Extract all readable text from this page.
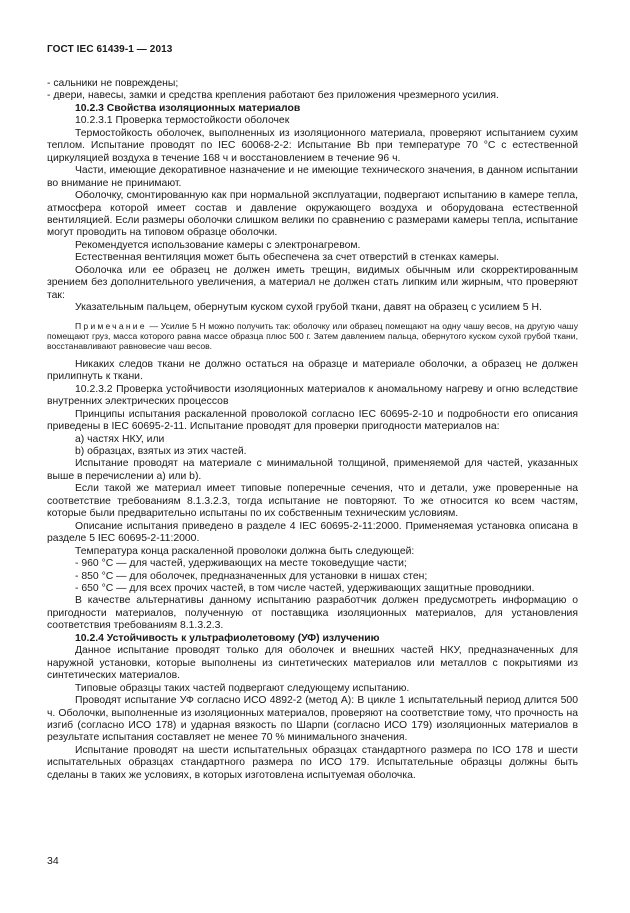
ГОСТ IEC 61439-1 — 2013

- сальники не повреждены;

- двери, навесы, замки и средства крепления работают без приложения чрезмерного усилия.

10.2.3 Свойства изоляционных материалов

10.2.3.1 Проверка термостойкости оболочек

Термостойкость оболочек, выполненных из изоляционного материала, проверяют испытанием сухим теплом. Испытание проводят по IEC 60068-2-2: Испытание Bb при температуре 70 °С с естественной циркуляцией воздуха в течение 168 ч и восстановлением в течение 96 ч.

Части, имеющие декоративное назначение и не имеющие технического значения, в данном испытании во внимание не принимают.

Оболочку, смонтированную как при нормальной эксплуатации, подвергают испытанию в камере тепла, атмосфера которой имеет состав и давление окружающего воздуха и оборудована естественной вентиляцией. Если размеры оболочки слишком велики по сравнению с размерами камеры тепла, испытание могут проводить на типовом образце оболочки.

Рекомендуется использование камеры с электронагревом.

Естественная вентиляция может быть обеспечена за счет отверстий в стенках камеры.

Оболочка или ее образец не должен иметь трещин, видимых обычным или скорректированным зрением без дополнительного увеличения, а материал не должен стать липким или жирным, что проверяют так:

Указательным пальцем, обернутым куском сухой грубой ткани, давят на образец с усилием 5 Н.

Примечание — Усилие 5 Н можно получить так: оболочку или образец помещают на одну чашу весов, на другую чашу помещают груз, масса которого равна массе образца плюс 500 г. Затем давлением пальца, обернутого куском сухой грубой ткани, восстанавливают равновесие чаш весов.

Никаких следов ткани не должно остаться на образце и материале оболочки, а образец не должен прилипнуть к ткани.

10.2.3.2 Проверка устойчивости изоляционных материалов к аномальному нагреву и огню вследствие внутренних электрических процессов

Принципы испытания раскаленной проволокой согласно IEC 60695-2-10 и подробности его описания приведены в IEC 60695-2-11. Испытание проводят для проверки пригодности материалов на:

а) частях НКУ, или

b) образцах, взятых из этих частей.

Испытание проводят на материале с минимальной толщиной, применяемой для частей, указанных выше в перечислении а) или b).

Если такой же материал имеет типовые поперечные сечения, что и детали, уже проверенные на соответствие требованиям 8.1.3.2.3, тогда испытание не повторяют. То же относится ко всем частям, которые были предварительно испытаны по их собственным техническим условиям.

Описание испытания приведено в разделе 4 IEC 60695-2-11:2000. Применяемая установка описана в разделе 5 IEC 60695-2-11:2000.

Температура конца раскаленной проволоки должна быть следующей:

- 960 °С — для частей, удерживающих на месте токоведущие части;

- 850 °С — для оболочек, предназначенных для установки в нишах стен;

- 650 °С — для всех прочих частей, в том числе частей, удерживающих защитные проводники.

В качестве альтернативы данному испытанию разработчик должен предусмотреть информацию о пригодности материалов, полученную от поставщика изоляционных материалов, для установления соответствия требованиям 8.1.3.2.3.

10.2.4 Устойчивость к ультрафиолетовому (УФ) излучению

Данное испытание проводят только для оболочек и внешних частей НКУ, предназначенных для наружной установки, которые выполнены из синтетических материалов или металлов с покрытиями из синтетических материалов.

Типовые образцы таких частей подвергают следующему испытанию.

Проводят испытание УФ согласно ИСО 4892-2 (метод А): В цикле 1 испытательный период длится 500 ч. Оболочки, выполненные из изоляционных материалов, проверяют на соответствие тому, что прочность на изгиб (согласно ИСО 178) и ударная вязкость по Шарпи (согласно ИСО 179) изоляционных материалов в результате испытания составляет не менее 70 % минимального значения.

Испытание проводят на шести испытательных образцах стандартного размера по ICO 178 и шести испытательных образцах стандартного размера по ИСО 179. Испытательные образцы должны быть сделаны в таких же условиях, в которых изготовлена испытуемая оболочка.

34
